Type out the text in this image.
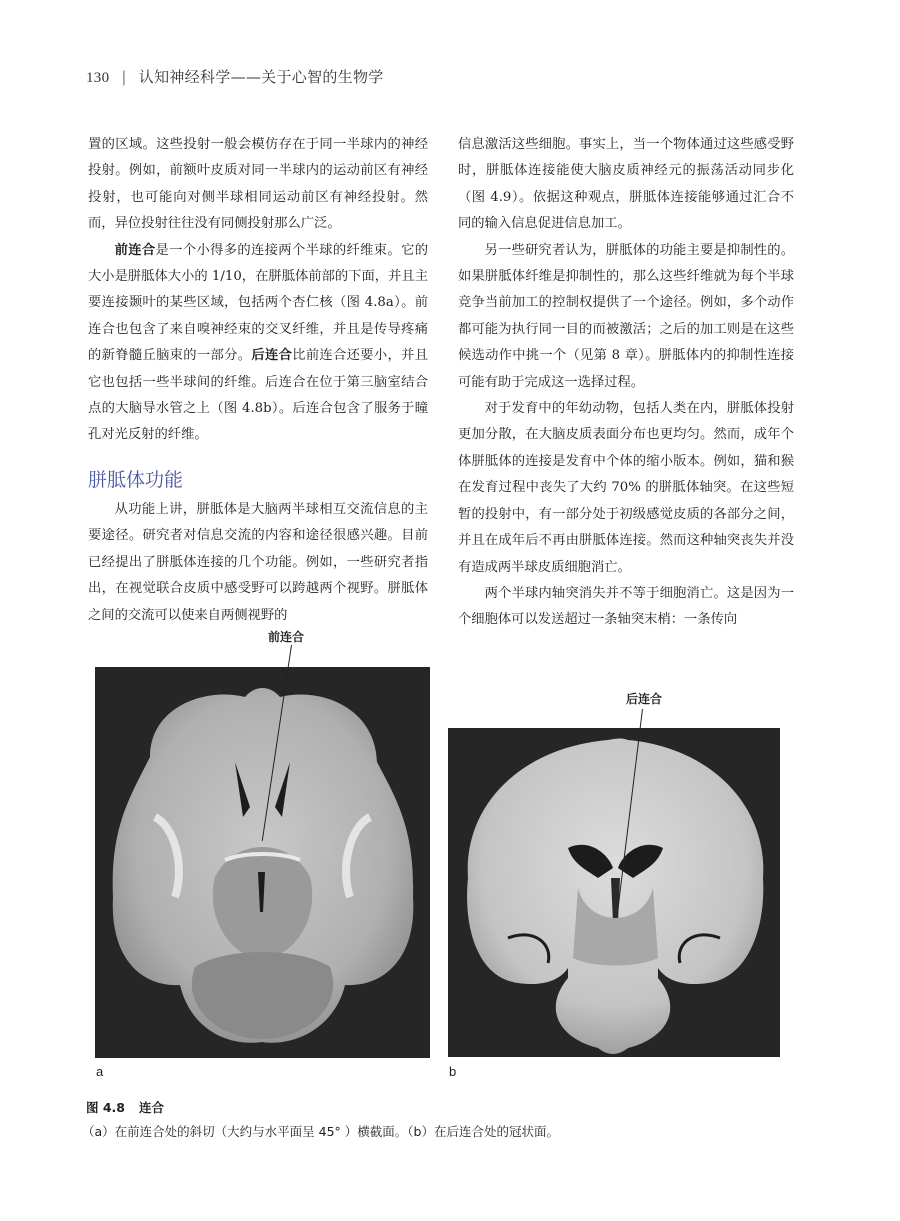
130 | 认知神经科学——关于心智的生物学

置的区域。这些投射一般会模仿存在于同一半球内的神经投射。例如，前额叶皮质对同一半球内的运动前区有神经投射，也可能向对侧半球相同运动前区有神经投射。然而，异位投射往往没有同侧投射那么广泛。

前连合是一个小得多的连接两个半球的纤维束。它的大小是胼胝体大小的 1/10，在胼胝体前部的下面，并且主要连接颞叶的某些区域，包括两个杏仁核（图 4.8a）。前连合也包含了来自嗅神经束的交叉纤维，并且是传导疼痛的新脊髓丘脑束的一部分。后连合比前连合还要小，并且它也包括一些半球间的纤维。后连合在位于第三脑室结合点的大脑导水管之上（图 4.8b）。后连合包含了服务于瞳孔对光反射的纤维。

胼胝体功能

从功能上讲，胼胝体是大脑两半球相互交流信息的主要途径。研究者对信息交流的内容和途径很感兴趣。目前已经提出了胼胝体连接的几个功能。例如，一些研究者指出，在视觉联合皮质中感受野可以跨越两个视野。胼胝体之间的交流可以使来自两侧视野的

信息激活这些细胞。事实上，当一个物体通过这些感受野时，胼胝体连接能使大脑皮质神经元的振荡活动同步化（图 4.9）。依据这种观点，胼胝体连接能够通过汇合不同的输入信息促进信息加工。

另一些研究者认为，胼胝体的功能主要是抑制性的。如果胼胝体纤维是抑制性的，那么这些纤维就为每个半球竞争当前加工的控制权提供了一个途径。例如，多个动作都可能为执行同一目的而被激活；之后的加工则是在这些候选动作中挑一个（见第 8 章）。胼胝体内的抑制性连接可能有助于完成这一选择过程。

对于发育中的年幼动物，包括人类在内，胼胝体投射更加分散，在大脑皮质表面分布也更均匀。然而，成年个体胼胝体的连接是发育中个体的缩小版本。例如，猫和猴在发育过程中丧失了大约 70% 的胼胝体轴突。在这些短暂的投射中，有一部分处于初级感觉皮质的各部分之间，并且在成年后不再由胼胝体连接。然而这种轴突丧失并没有造成两半球皮质细胞消亡。

两个半球内轴突消失并不等于细胞消亡。这是因为一个细胞体可以发送超过一条轴突末梢：一条传向

前连合
a
后连合
b
图 4.8 连合
（a）在前连合处的斜切（大约与水平面呈 45° ）横截面。（b）在后连合处的冠状面。
